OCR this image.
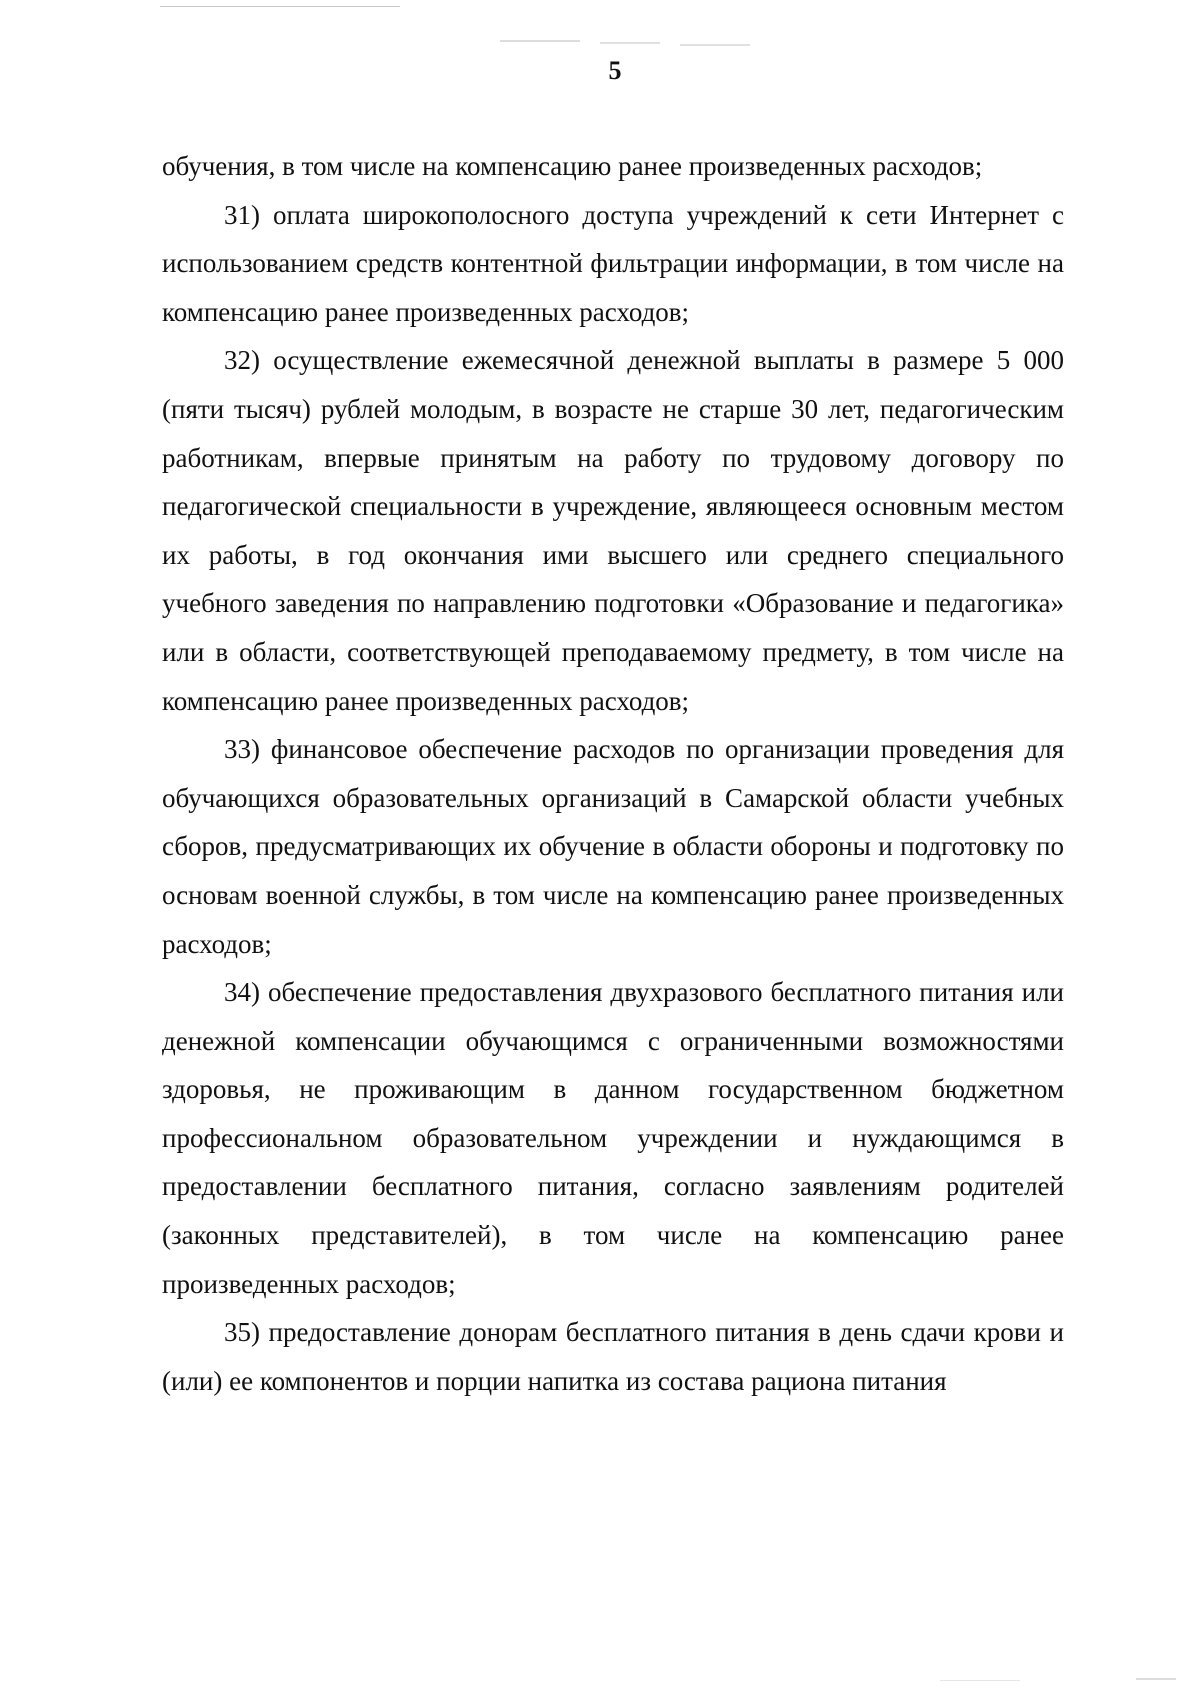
5

обучения, в том числе на компенсацию ранее произведенных расходов;

31) оплата широкополосного доступа учреждений к сети Интернет с использованием средств контентной фильтрации информации, в том числе на компенсацию ранее произведенных расходов;

32) осуществление ежемесячной денежной выплаты в размере 5 000 (пяти тысяч) рублей молодым, в возрасте не старше 30 лет, педагогическим работникам, впервые принятым на работу по трудовому договору по педагогической специальности в учреждение, являющееся основным местом их работы, в год окончания ими высшего или среднего специального учебного заведения по направлению подготовки «Образование и педагогика» или в области, соответствующей преподаваемому предмету, в том числе на компенсацию ранее произведенных расходов;

33) финансовое обеспечение расходов по организации проведения для обучающихся образовательных организаций в Самарской области учебных сборов, предусматривающих их обучение в области обороны и подготовку по основам военной службы, в том числе на компенсацию ранее произведенных расходов;

34) обеспечение предоставления двухразового бесплатного питания или денежной компенсации обучающимся с ограниченными возможностями здоровья, не проживающим в данном государственном бюджетном профессиональном образовательном учреждении и нуждающимся в предоставлении бесплатного питания, согласно заявлениям родителей (законных представителей), в том числе на компенсацию ранее произведенных расходов;

35) предоставление донорам бесплатного питания в день сдачи крови и (или) ее компонентов и порции напитка из состава рациона питания
